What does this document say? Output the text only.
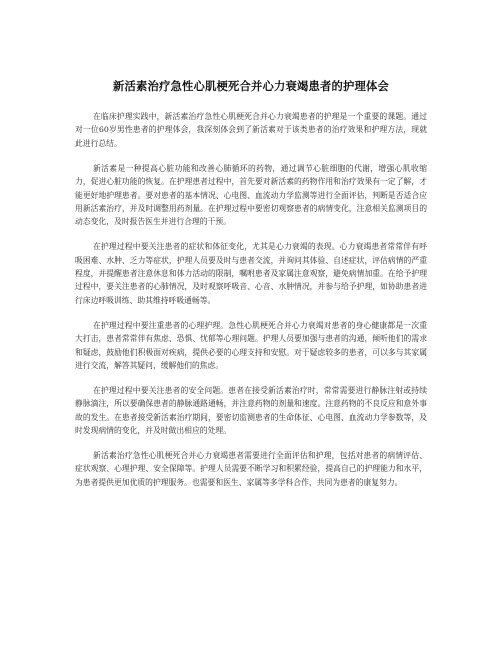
新活素治疗急性心肌梗死合并心力衰竭患者的护理体会

在临床护理实践中，新活素治疗急性心肌梗死合并心力衰竭患者的护理是一个重要的课题。通过对一位60岁男性患者的护理体会，我深刻体会到了新活素对于该类患者的治疗效果和护理方法，现就此进行总结。

新活素是一种提高心脏功能和改善心肺循环的药物，通过调节心脏细胞的代谢，增强心肌收缩力，促进心脏功能的恢复。在护理患者过程中，首先要对新活素的药物作用和治疗效果有一定了解，才能更好地护理患者。要对患者的基本情况、心电图、血流动力学监测等进行全面评估，判断是否适合应用新活素治疗，并及时调整用药剂量。在护理过程中要密切观察患者的病情变化，注意相关监测项目的动态变化，及时报告医生并进行合理的干预。

在护理过程中要关注患者的症状和体征变化，尤其是心力衰竭的表现。心力衰竭患者常常伴有呼吸困难、水肿、乏力等症状，护理人员要及时与患者交流，并询问其体验、自述症状，评估病情的严重程度，并提醒患者注意休息和体力活动的限制，嘱咐患者及家属注意观察，避免病情加重。在给予护理过程中，要关注患者的心肺情况，及时观察呼吸音、心音、水肿情况，并参与给予护理，如协助患者进行床边呼吸训练、助其维持呼吸通畅等。

在护理过程中要注重患者的心理护理。急性心肌梗死合并心力衰竭对患者的身心健康都是一次重大打击，患者常常伴有焦虑、恐惧、忧郁等心理问题。护理人员要加强与患者的沟通，倾听他们的需求和疑虑，鼓励他们积极面对疾病，提供必要的心理支持和安慰。对于疑虑较多的患者，可以多与其家属进行交流，解答其疑问，缓解他们的焦虑。

在护理过程中要关注患者的安全问题。患者在接受新活素治疗时，常常需要进行静脉注射或持续静脉滴注，所以要确保患者的静脉通路通畅，并注意药物的剂量和速度。注意药物的不良反应和意外事故的发生。在患者接受新活素治疗期间，要密切监测患者的生命体征、心电图、血流动力学参数等，及时发现病情的变化，并及时做出相应的处理。

新活素治疗急性心肌梗死合并心力衰竭患者需要进行全面评估和护理，包括对患者的病情评估、症状观察、心理护理、安全保障等。护理人员需要不断学习和积累经验，提高自己的护理能力和水平，为患者提供更加优质的护理服务。也需要和医生、家属等多学科合作，共同为患者的康复努力。
